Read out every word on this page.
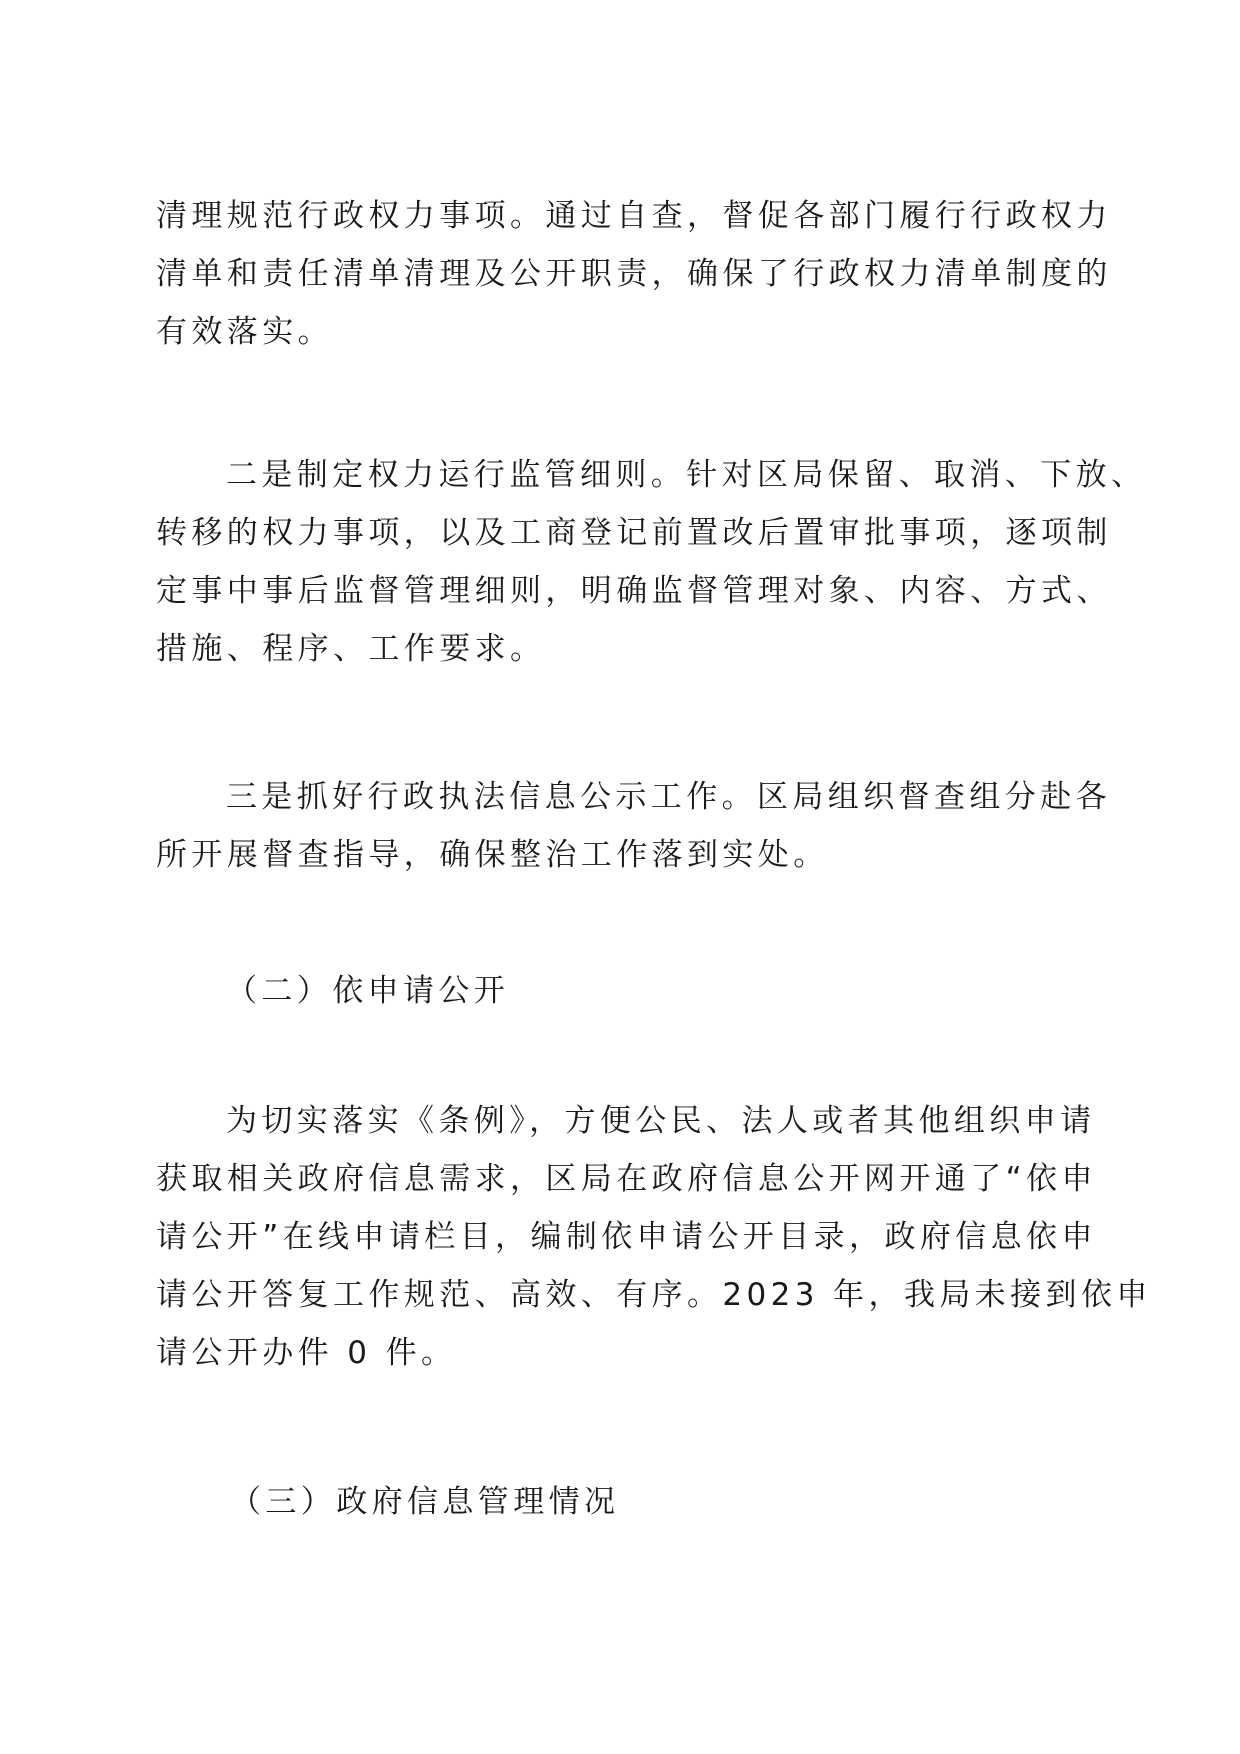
清理规范行政权力事项。通过自查，督促各部门履行行政权力
清单和责任清单清理及公开职责，确保了行政权力清单制度的
有效落实。

二是制定权力运行监管细则。针对区局保留、取消、下放、
转移的权力事项，以及工商登记前置改后置审批事项，逐项制
定事中事后监督管理细则，明确监督管理对象、内容、方式、
措施、程序、工作要求。

三是抓好行政执法信息公示工作。区局组织督查组分赴各
所开展督查指导，确保整治工作落到实处。

（二）依申请公开

为切实落实《条例》，方便公民、法人或者其他组织申请
获取相关政府信息需求，区局在政府信息公开网开通了“依申
请公开”在线申请栏目，编制依申请公开目录，政府信息依申
请公开答复工作规范、高效、有序。2023 年，我局未接到依申
请公开办件 0 件。

（三）政府信息管理情况
